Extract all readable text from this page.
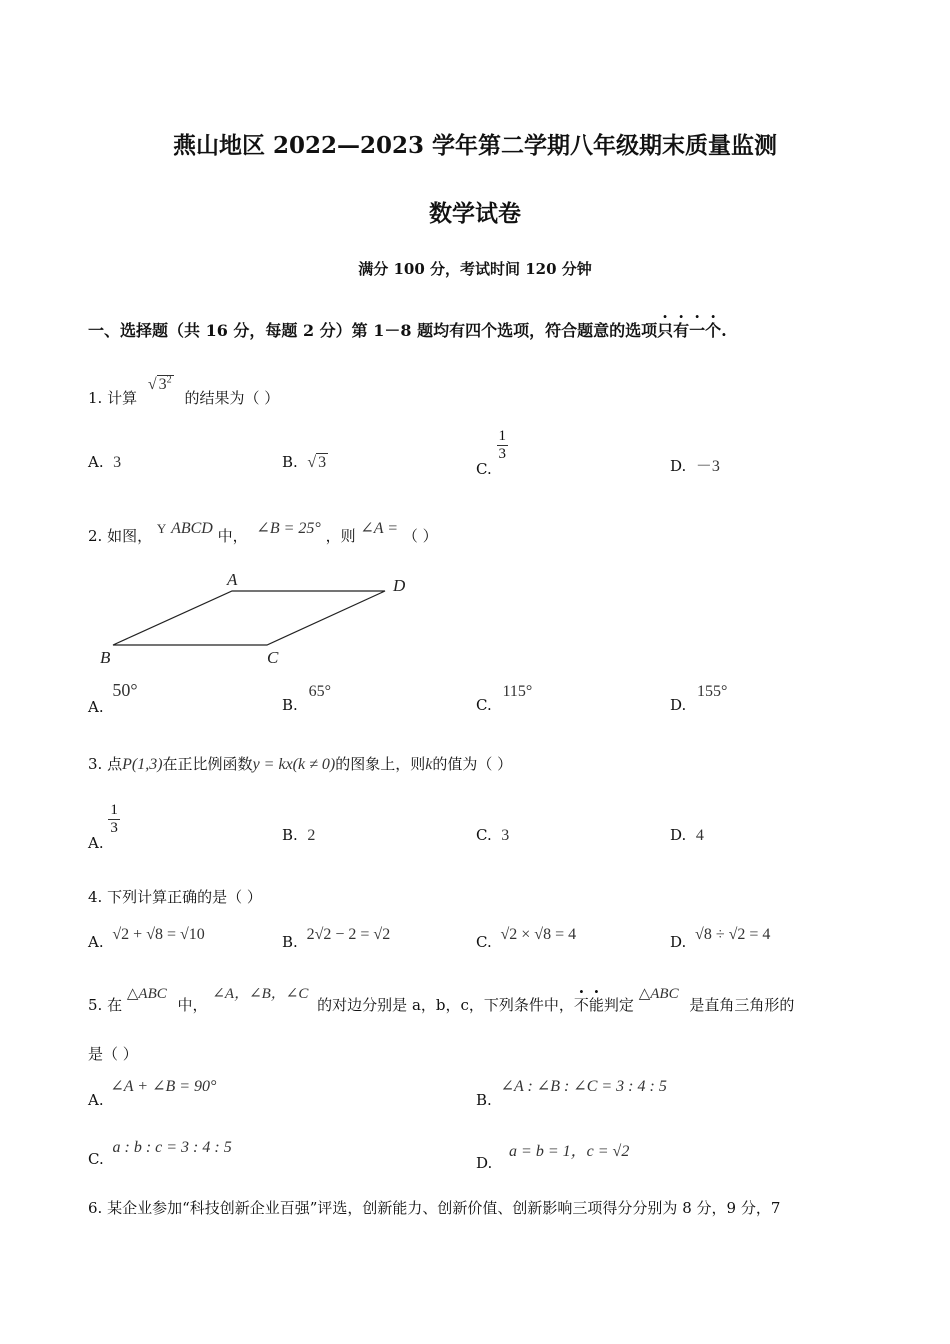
燕山地区 2022—2023 学年第二学期八年级期末质量监测
数学试卷
满分 100 分，考试时间 120 分钟
一、选择题（共 16 分，每题 2 分）第 1－8 题均有四个选项，符合题意的选项只有一个.
1. 计算 √ $3^2$ 的结果为（ ）
A. 3	B. √ 3	C.
$\frac{1}{3}$
D. －3
2. 如图， Y ABCD 中， ∠B = 25° ，则 ∠A = （ ）
A	D
B	C
A. 50°
B. 65°
C. 115°
D. 155°
3. 点P(1,3)在正比例函数y = kx(k ≠ 0)的图象上，则k的值为（ ）
A.
$\frac{1}{3}$	B. 2	C. 3	D. 4
4. 下列计算正确的是（ ）
A. √2 + √8 = √10	B. 2√2 − 2 = √2	C. √2 × √8 = 4	D. √8 ÷ √2 = 4
5. 在 △ABC 中， ∠A，∠B，∠C 的对边分别是 a，b，c，下列条件中，不能判定 △ABC 是直角三角形的
是（ ）
A. ∠A + ∠B = 90°
B. ∠A : ∠B : ∠C = 3 : 4 : 5
C. a : b : c = 3 : 4 : 5
D. a = b = 1，c = √2
6. 某企业参加“科技创新企业百强”评选，创新能力、创新价值、创新影响三项得分分别为 8 分，9 分，7
